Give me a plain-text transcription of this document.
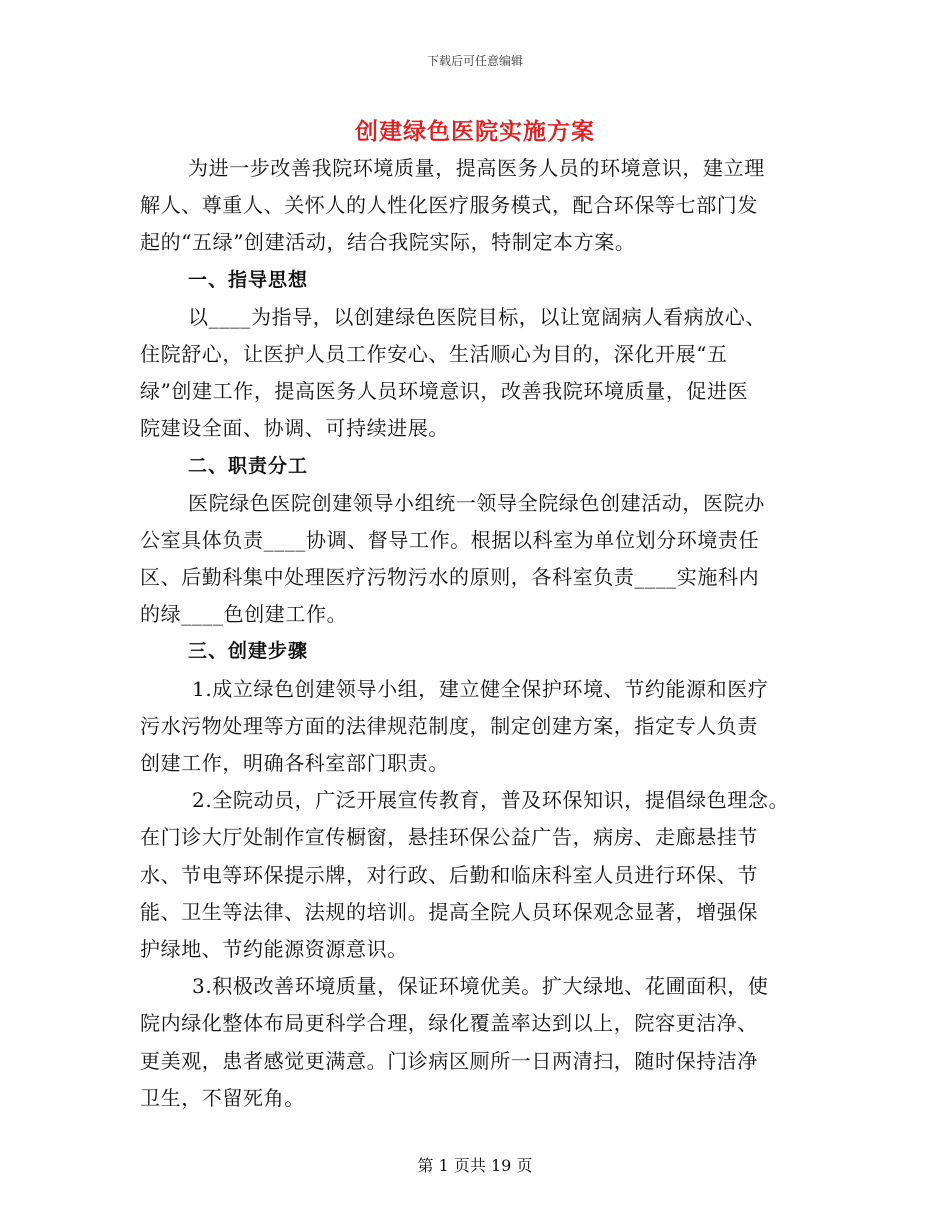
下载后可任意编辑
创建绿色医院实施方案
为进一步改善我院环境质量，提高医务人员的环境意识，建立理
解人、尊重人、关怀人的人性化医疗服务模式，配合环保等七部门发
起的“五绿”创建活动，结合我院实际，特制定本方案。
一、指导思想
以____为指导，以创建绿色医院目标，以让宽阔病人看病放心、
住院舒心，让医护人员工作安心、生活顺心为目的，深化开展“五
绿”创建工作，提高医务人员环境意识，改善我院环境质量，促进医
院建设全面、协调、可持续进展。
二、职责分工
医院绿色医院创建领导小组统一领导全院绿色创建活动，医院办
公室具体负责____协调、督导工作。根据以科室为单位划分环境责任
区、后勤科集中处理医疗污物污水的原则，各科室负责____实施科内
的绿____色创建工作。
三、创建步骤
1.成立绿色创建领导小组，建立健全保护环境、节约能源和医疗
污水污物处理等方面的法律规范制度，制定创建方案，指定专人负责
创建工作，明确各科室部门职责。
2.全院动员，广泛开展宣传教育，普及环保知识，提倡绿色理念。
在门诊大厅处制作宣传橱窗，悬挂环保公益广告，病房、走廊悬挂节
水、节电等环保提示牌，对行政、后勤和临床科室人员进行环保、节
能、卫生等法律、法规的培训。提高全院人员环保观念显著，增强保
护绿地、节约能源资源意识。
3.积极改善环境质量，保证环境优美。扩大绿地、花圃面积，使
院内绿化整体布局更科学合理，绿化覆盖率达到以上，院容更洁净、
更美观，患者感觉更满意。门诊病区厕所一日两清扫，随时保持洁净
卫生，不留死角。
第 1 页共 19 页
